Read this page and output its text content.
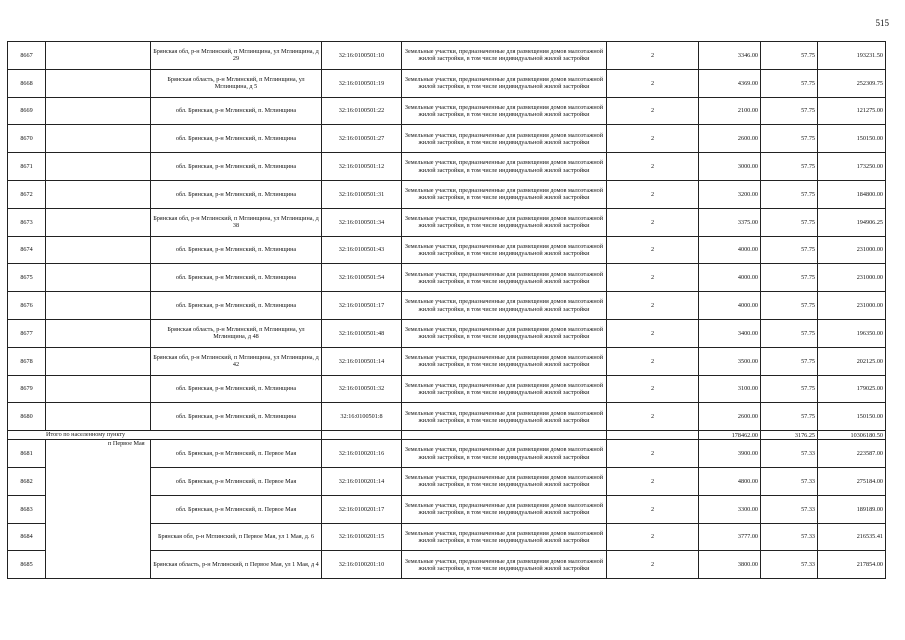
515
8667		Брянская обл, р-н Мглинский, п Мглинщина, ул Мглинщина, д 29	32:16:0100501:10	Земельные участки, предназначенные для размещения домов малоэтажной жилой застройки, в том числе индивидуальной жилой застройки	2	3346.00	57.75	193231.50
8668		Брянская область, р-н Мглинский, п Мглинщина, ул Мглинщина, д 5	32:16:0100501:19	Земельные участки, предназначенные для размещения домов малоэтажной жилой застройки, в том числе индивидуальной жилой застройки	2	4369.00	57.75	252309.75
8669		обл. Брянская, р-н Мглинский, п. Мглинщина	32:16:0100501:22	Земельные участки, предназначенные для размещения домов малоэтажной жилой застройки, в том числе индивидуальной жилой застройки	2	2100.00	57.75	121275.00
8670		обл. Брянская, р-н Мглинский, п. Мглинщина	32:16:0100501:27	Земельные участки, предназначенные для размещения домов малоэтажной жилой застройки, в том числе индивидуальной жилой застройки	2	2600.00	57.75	150150.00
8671		обл. Брянская, р-н Мглинский, п. Мглинщина	32:16:0100501:12	Земельные участки, предназначенные для размещения домов малоэтажной жилой застройки, в том числе индивидуальной жилой застройки	2	3000.00	57.75	173250.00
8672		обл. Брянская, р-н Мглинский, п. Мглинщина	32:16:0100501:31	Земельные участки, предназначенные для размещения домов малоэтажной жилой застройки, в том числе индивидуальной жилой застройки	2	3200.00	57.75	184800.00
8673		Брянская обл, р-н Мглинский, п Мглинщина, ул Мглинщина, д 38	32:16:0100501:34	Земельные участки, предназначенные для размещения домов малоэтажной жилой застройки, в том числе индивидуальной жилой застройки	2	3375.00	57.75	194906.25
8674		обл. Брянская, р-н Мглинский, п. Мглинщина	32:16:0100501:43	Земельные участки, предназначенные для размещения домов малоэтажной жилой застройки, в том числе индивидуальной жилой застройки	2	4000.00	57.75	231000.00
8675		обл. Брянская, р-н Мглинский, п. Мглинщина	32:16:0100501:54	Земельные участки, предназначенные для размещения домов малоэтажной жилой застройки, в том числе индивидуальной жилой застройки	2	4000.00	57.75	231000.00
8676		обл. Брянская, р-н Мглинский, п. Мглинщина	32:16:0100501:17	Земельные участки, предназначенные для размещения домов малоэтажной жилой застройки, в том числе индивидуальной жилой застройки	2	4000.00	57.75	231000.00
8677		Брянская область, р-н Мглинский, п Мглинщина, ул Мглинщина, д 48	32:16:0100501:48	Земельные участки, предназначенные для размещения домов малоэтажной жилой застройки, в том числе индивидуальной жилой застройки	2	3400.00	57.75	196350.00
8678		Брянская обл, р-н Мглинский, п Мглинщина, ул Мглинщина, д 42	32:16:0100501:14	Земельные участки, предназначенные для размещения домов малоэтажной жилой застройки, в том числе индивидуальной жилой застройки	2	3500.00	57.75	202125.00
8679		обл. Брянская, р-н Мглинский, п. Мглинщина	32:16:0100501:32	Земельные участки, предназначенные для размещения домов малоэтажной жилой застройки, в том числе индивидуальной жилой застройки	2	3100.00	57.75	179025.00
8680		обл. Брянская, р-н Мглинский, п. Мглинщина	32:16:0100501:8	Земельные участки, предназначенные для размещения домов малоэтажной жилой застройки, в том числе индивидуальной жилой застройки	2	2600.00	57.75	150150.00
Итого по населенному пункту						178462.00	3176.25	10306180.50
8681	п Первое Мая	обл. Брянская, р-н Мглинский, п. Первое Мая	32:16:0100201:16	Земельные участки, предназначенные для размещения домов малоэтажной жилой застройки, в том числе индивидуальной жилой застройки	2	3900.00	57.33	223587.00
8682		обл. Брянская, р-н Мглинский, п. Первое Мая	32:16:0100201:14	Земельные участки, предназначенные для размещения домов малоэтажной жилой застройки, в том числе индивидуальной жилой застройки	2	4800.00	57.33	275184.00
8683		обл. Брянская, р-н Мглинский, п. Первое Мая	32:16:0100201:17	Земельные участки, предназначенные для размещения домов малоэтажной жилой застройки, в том числе индивидуальной жилой застройки	2	3300.00	57.33	189189.00
8684		Брянская обл, р-н Мглинский, п Первое Мая, ул 1 Мая, д. 6	32:16:0100201:15	Земельные участки, предназначенные для размещения домов малоэтажной жилой застройки, в том числе индивидуальной жилой застройки	2	3777.00	57.33	216535.41
8685		Брянская область, р-н Мглинский, п Первое Мая, ул 1 Мая, д 4	32:16:0100201:10	Земельные участки, предназначенные для размещения домов малоэтажной жилой застройки, в том числе индивидуальной жилой застройки	2	3800.00	57.33	217854.00
